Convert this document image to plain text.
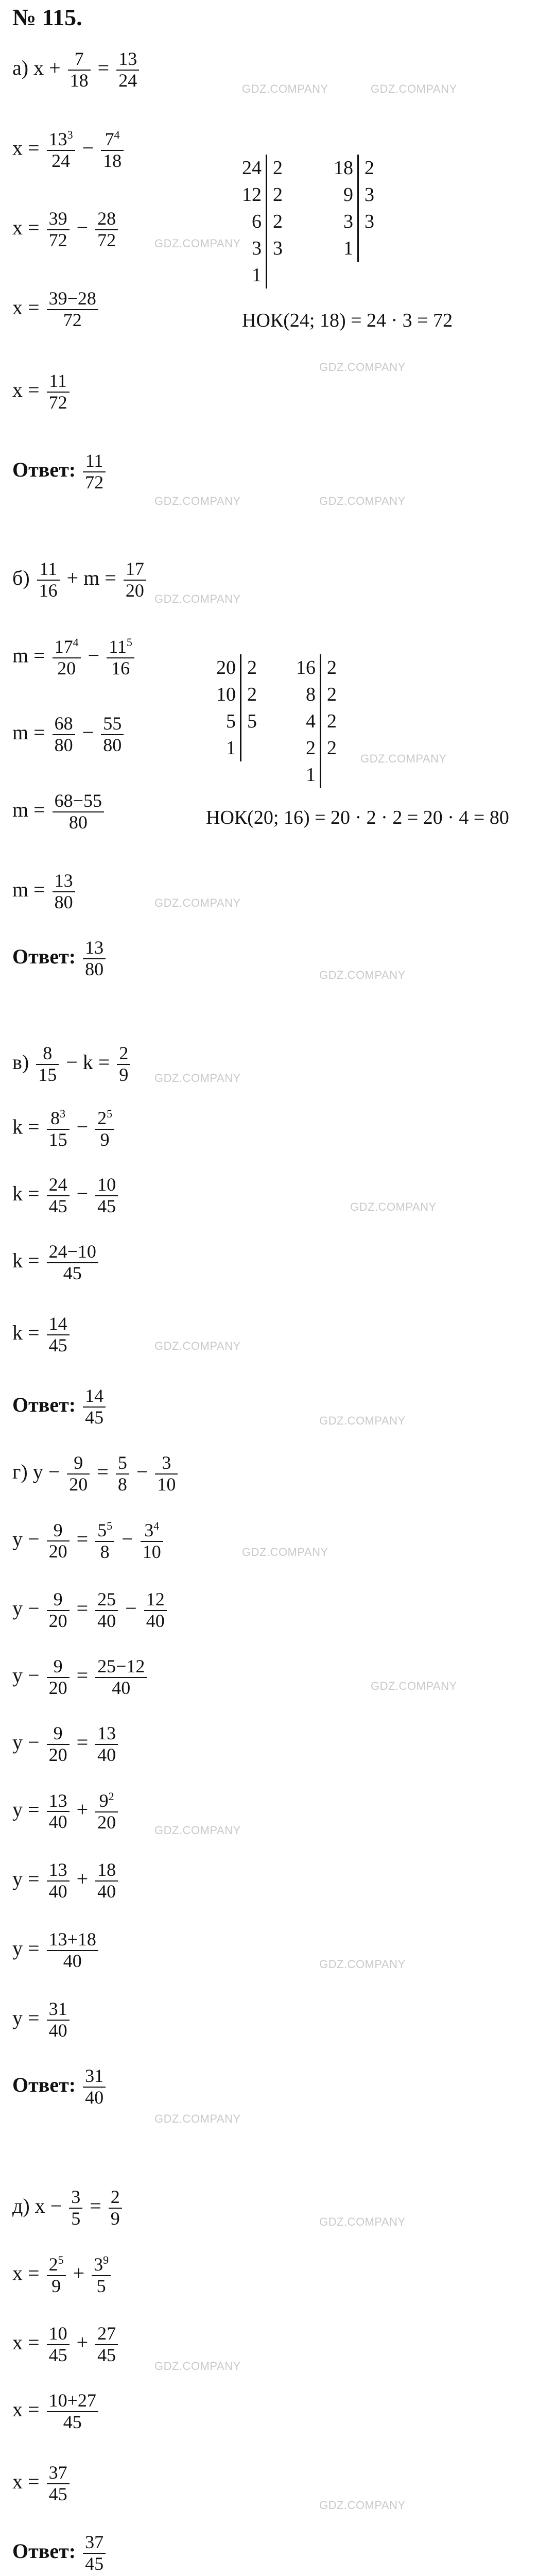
№ 115.
а) $x + \frac{7}{18} = \frac{13}{24}$
$x = \frac{13^3}{24} - \frac{7^4}{18}$
$x = \frac{39}{72} - \frac{28}{72}$
$x = \frac{39-28}{72}$
$x = \frac{11}{72}$
Ответ: $\frac{11}{72}$
24
12
6
3
1
2
2
2
3
18
9
3
1
2
3
3
НОК(24; 18) = 24 · 3 = 72
$б) \frac{11}{16} + m = \frac{17}{20}$
$m = \frac{17^4}{20} - \frac{11^5}{16}$
$m = \frac{68}{80} - \frac{55}{80}$
$m = \frac{68-55}{80}$
$m = \frac{13}{80}$
Ответ: $\frac{13}{80}$
20
10
5
1
2
2
5
16
8
4
2
1
2
2
2
2
НОК(20; 16) = 20 · 2 · 2 = 20 · 4 = 80
$в) \frac{8}{15} - k = \frac{2}{9}$
$k = \frac{8^3}{15} - \frac{2^5}{9}$
$k = \frac{24}{45} - \frac{10}{45}$
$k = \frac{24-10}{45}$
$k = \frac{14}{45}$
Ответ: $\frac{14}{45}$
г) $y - \frac{9}{20} = \frac{5}{8} - \frac{3}{10}$
$y - \frac{9}{20} = \frac{5^5}{8} - \frac{3^4}{10}$
$y - \frac{9}{20} = \frac{25}{40} - \frac{12}{40}$
$y - \frac{9}{20} = \frac{25-12}{40}$
$y - \frac{9}{20} = \frac{13}{40}$
$y = \frac{13}{40} + \frac{9^2}{20}$
$y = \frac{13}{40} + \frac{18}{40}$
$y = \frac{13+18}{40}$
$y = \frac{31}{40}$
Ответ: $\frac{31}{40}$
д) $x - \frac{3}{5} = \frac{2}{9}$
$x = \frac{2^5}{9} + \frac{3^9}{5}$
$x = \frac{10}{45} + \frac{27}{45}$
$x = \frac{10+27}{45}$
$x = \frac{37}{45}$
Ответ: $\frac{37}{45}$

GDZ.COMPANY	GDZ.COMPANY
GDZ.COMPANY
GDZ.COMPANY
GDZ.COMPANY	GDZ.COMPANY
GDZ.COMPANY
GDZ.COMPANY
GDZ.COMPANY
GDZ.COMPANY
GDZ.COMPANY
GDZ.COMPANY
GDZ.COMPANY
GDZ.COMPANY
GDZ.COMPANY
GDZ.COMPANY
GDZ.COMPANY
GDZ.COMPANY
GDZ.COMPANY
GDZ.COMPANY
GDZ.COMPANY
GDZ.COMPANY
